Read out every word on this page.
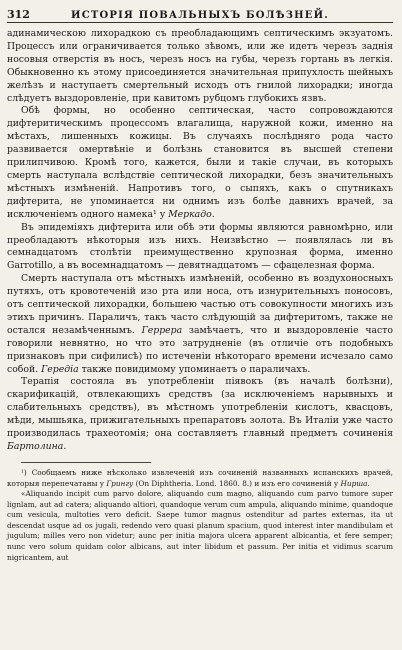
312	ИСТОРІЯ ПОВАЛЬНЫХЪ БОЛѢЗНЕЙ.

адинамическою лихорадкою съ преобладающимъ септическимъ экзуатомъ. Процессъ или ограничивается только зѣвомъ, или же идетъ черезъ заднія носовыя отверстія въ носъ, черезъ носъ на губы, черезъ гортань въ легкія. Обыкновенно къ этому присоединяется значительная припухлость шейныхъ желѣзъ и наступаетъ смертельный исходъ отъ гнилой лихорадки; иногда слѣдуетъ выздоровленіе, при кавитомъ рубцомъ глубокихъ язвъ.

Обѣ формы, но особенно септическая, часто сопровождаются дифтеритическимъ процессомъ влагалища, наружной кожи, именно на мѣстахъ, лишенныхъ кожицы. Въ случаяхъ послѣдняго рода часто развивается омертвѣніе и болѣзнь становится въ высшей степени прилипчивою. Кромѣ того, кажется, были и такіе случаи, въ которыхъ смерть наступала вслѣдствіе септической лихорадки, безъ значительныхъ мѣстныхъ измѣненій. Напротивъ того, о сыпяхъ, какъ о спутникахъ дифтерита, не упоминается ни однимъ изъ болѣе давнихъ врачей, за исключеніемъ одного намека¹ у Меркадо.

Въ эпидеміяхъ дифтерита или обѣ эти формы являются равномѣрно, или преобладаютъ нѣкоторыя изъ нихъ. Неизвѣстно — появлялась ли въ семнадцатомъ столѣтіи преимущественно крупозная форма, именно Garrotillo, а въ восемнадцатомъ — девятнадцатомъ — сфацелезная форма.

Смерть наступала отъ мѣстныхъ измѣненій, особенно въ воздухоносныхъ путяхъ, отъ кровотеченій изо рта или носа, отъ изнурительныхъ поносовъ, отъ септической лихорадки, большею частью отъ совокупности многихъ изъ этихъ причинъ. Параличъ, такъ часто слѣдующій за дифтеритомъ, также не остался незамѣченнымъ. Геррера замѣчаетъ, что и выздоровленіе часто говорили невнятно, но что это затрудненіе (въ отличіе отъ подобныхъ признаковъ при сифилисѣ) по истеченіи нѣкотораго времени исчезало само собой. Гередіа также повидимому упоминаетъ о параличахъ.

Терапія состояла въ употребленіи піявокъ (въ началѣ болѣзни), скарификацій, отвлекающихъ средствъ (за исключеніемъ нарывныхъ и слабительныхъ средствъ), въ мѣстномъ употребленіи кислотъ, квасцовъ, мѣди, мышьяка, прижигательныхъ препаратовъ золота. Въ Италіи уже часто производилась трахеотомія; она составляетъ главный предметъ сочиненія Бартолина.

¹) Сообщаемъ ниже нѣсколько извлеченій изъ сочиненій названныхъ испанскихъ врачей, которыя перепечатаны у Грингу (On Diphtheria. Lond. 1860. 8.) и изъ его сочиненій у Hирша.

«Aliquando incipit cum parvo dolore, aliquando cum magno, aliquando cum parvo tumore super lignlam, aut ad catera; aliquando altiori, quandoque verum cum ampula, aliquando minime, quandoque cum vesicula, multoties vero deficit. Saepe tumor magnus ostenditur ad partes externas, ita ut descendat usque ad os jugali, redendo vero quasi planum spacium, quod interest inter mandibulam et jugulum; milles vero non videtur; aunc per initia majora ulcera apparent albicantia, et fere semper; nunc vero solum quidam color albicans, aut inter libidum et passum. Per initia et vidimus scarum nigricantem, aut
